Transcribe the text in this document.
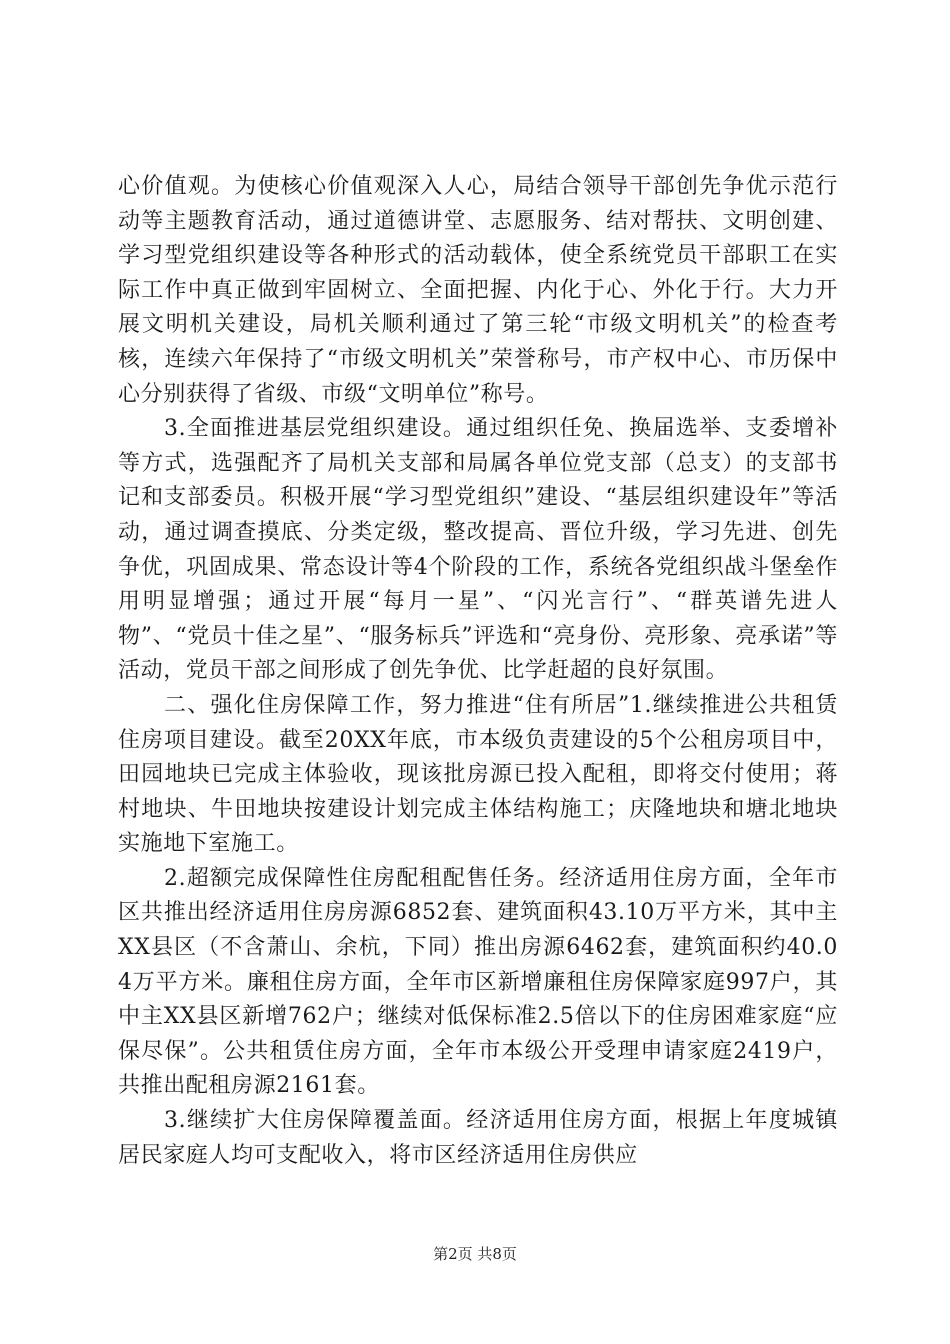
心价值观。为使核心价值观深入人心，局结合领导干部创先争优示范行动等主题教育活动，通过道德讲堂、志愿服务、结对帮扶、文明创建、学习型党组织建设等各种形式的活动载体，使全系统党员干部职工在实际工作中真正做到牢固树立、全面把握、内化于心、外化于行。大力开展文明机关建设，局机关顺利通过了第三轮“市级文明机关”的检查考核，连续六年保持了“市级文明机关”荣誉称号，市产权中心、市历保中心分别获得了省级、市级“文明单位”称号。

3.全面推进基层党组织建设。通过组织任免、换届选举、支委增补等方式，选强配齐了局机关支部和局属各单位党支部（总支）的支部书记和支部委员。积极开展“学习型党组织”建设、“基层组织建设年”等活动，通过调查摸底、分类定级，整改提高、晋位升级，学习先进、创先争优，巩固成果、常态设计等4个阶段的工作，系统各党组织战斗堡垒作用明显增强；通过开展“每月一星”、“闪光言行”、“群英谱先进人物”、“党员十佳之星”、“服务标兵”评选和“亮身份、亮形象、亮承诺”等活动，党员干部之间形成了创先争优、比学赶超的良好氛围。

二、强化住房保障工作，努力推进“住有所居”1.继续推进公共租赁住房项目建设。截至20XX年底，市本级负责建设的5个公租房项目中，田园地块已完成主体验收，现该批房源已投入配租，即将交付使用；蒋村地块、牛田地块按建设计划完成主体结构施工；庆隆地块和塘北地块实施地下室施工。

2.超额完成保障性住房配租配售任务。经济适用住房方面，全年市区共推出经济适用住房房源6852套、建筑面积43.10万平方米，其中主XX县区（不含萧山、余杭，下同）推出房源6462套，建筑面积约40.04万平方米。廉租住房方面，全年市区新增廉租住房保障家庭997户，其中主XX县区新增762户；继续对低保标准2.5倍以下的住房困难家庭“应保尽保”。公共租赁住房方面，全年市本级公开受理申请家庭2419户，共推出配租房源2161套。

3.继续扩大住房保障覆盖面。经济适用住房方面，根据上年度城镇居民家庭人均可支配收入，将市区经济适用住房供应

第2页 共8页
